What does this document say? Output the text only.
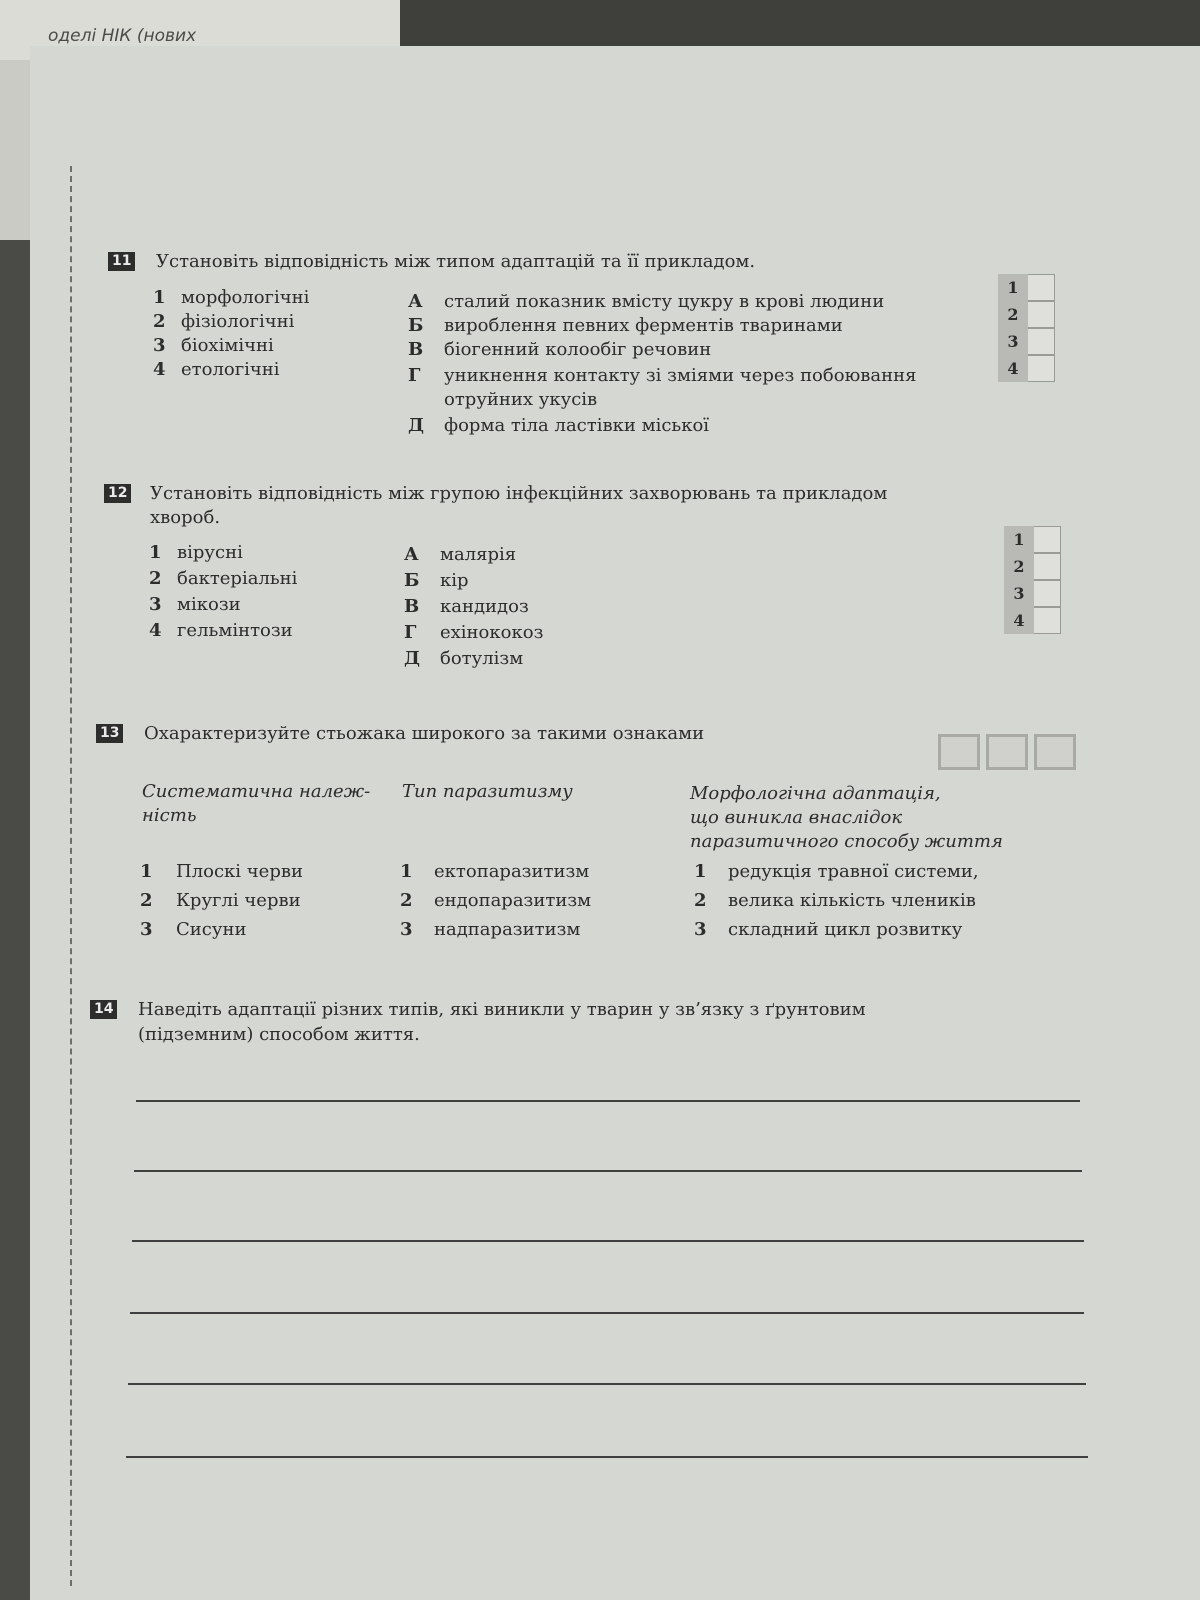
оделі НІК (нових
11 Установіть відповідність між типом адаптацій та її прикладом.
1 морфологічні
2 фізіологічні
3 біохімічні
4 етологічні
А сталий показник вмісту цукру в крові людини
Б вироблення певних ферментів тваринами
В біогенний колообіг речовин
Г уникнення контакту зі зміями через побоювання
отруйних укусів
Д форма тіла ластівки міської
1
2
3
4
12 Установіть відповідність між групою інфекційних захворювань та прикладом
хвороб.
1 вірусні
2 бактеріальні
3 мікози
4 гельмінтози
А малярія
Б кір
В кандидоз
Г ехінококоз
Д ботулізм
1
2
3
4
13 Охарактеризуйте стьожака широкого за такими ознаками
Систематична належ-
ність
Тип паразитизму	Морфологічна адаптація,
що виникла внаслідок
паразитичного способу життя
1 Плоскі черви
2 Круглі черви
3 Сисуни
1 ектопаразитизм
2 ендопаразитизм
3 надпаразитизм
1 редукція травної системи,
2 велика кількість члеників
3 складний цикл розвитку
14 Наведіть адаптації різних типів, які виникли у тварин у зв’язку з ґрунтовим
(підземним) способом життя.
